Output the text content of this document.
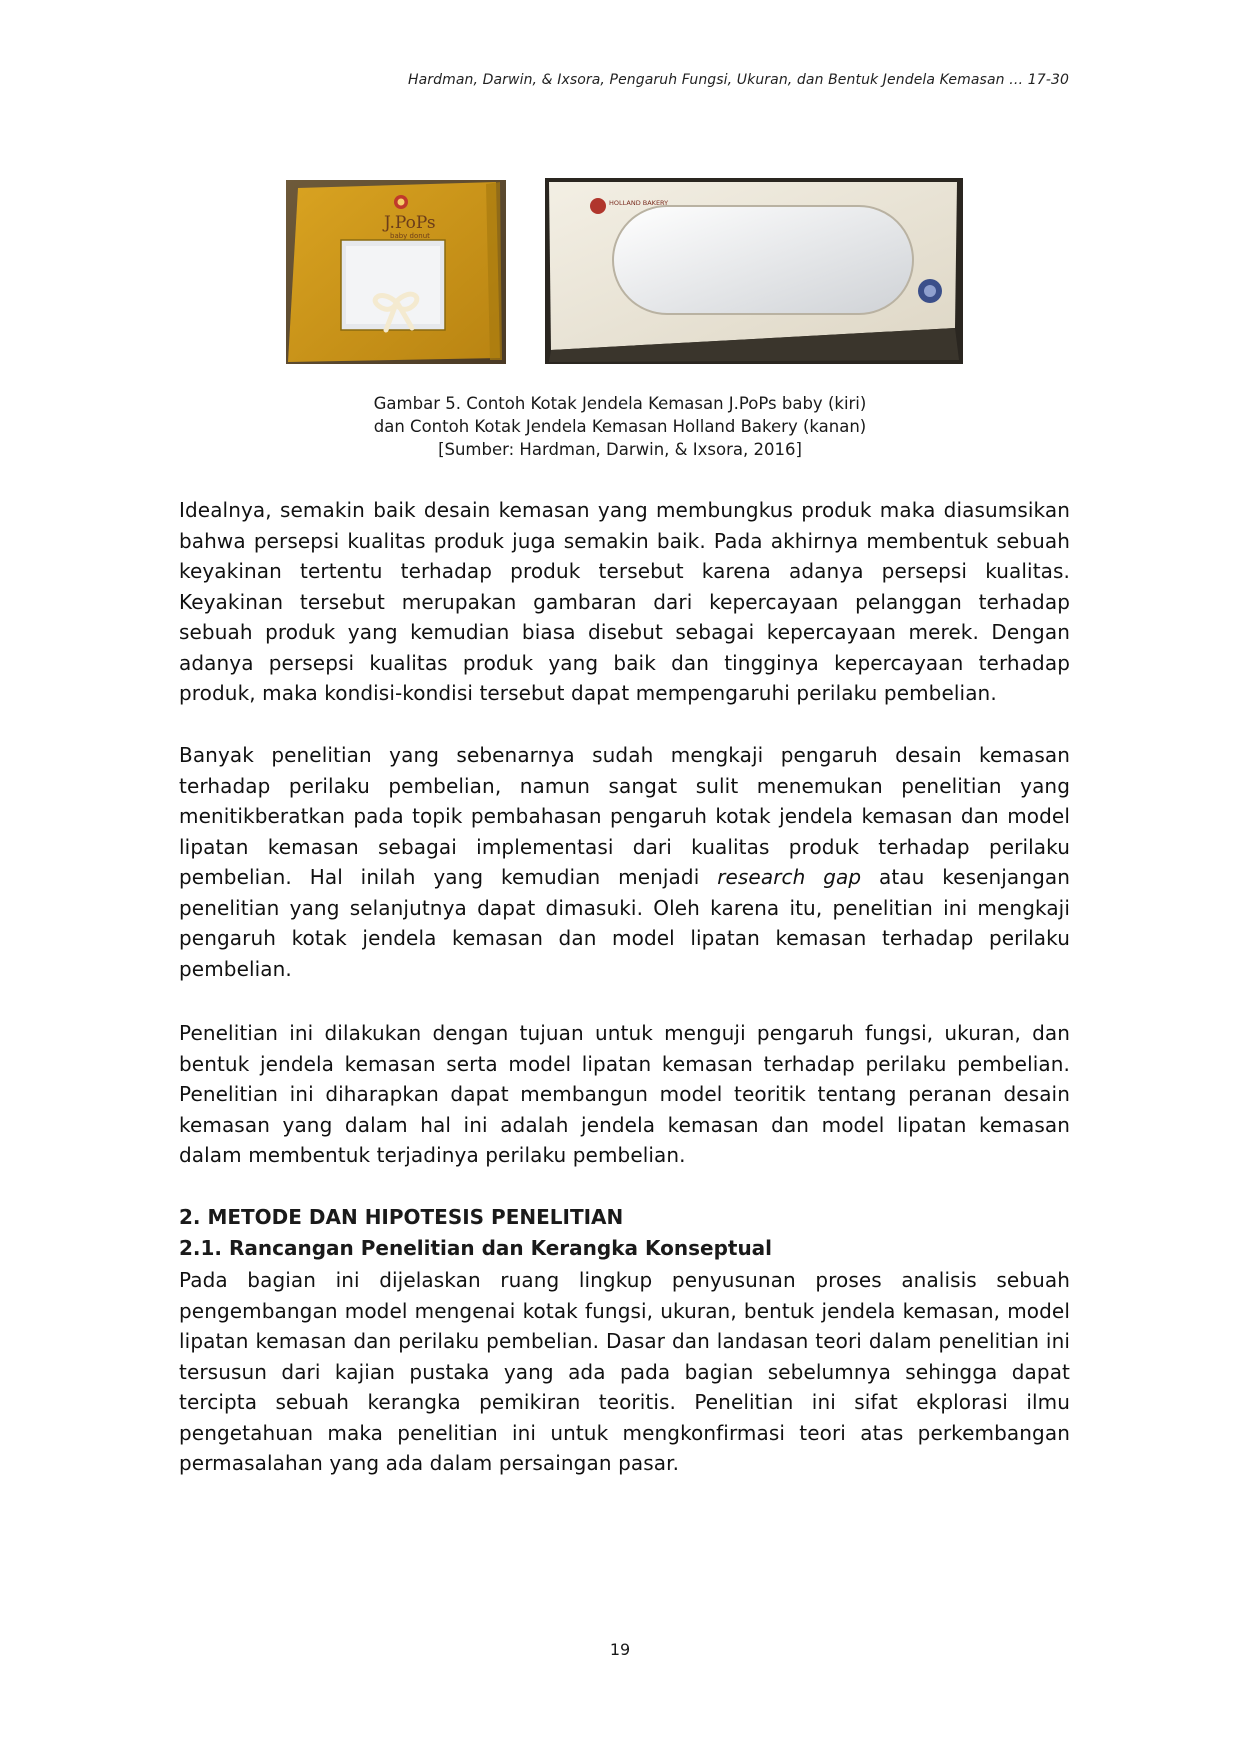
Hardman, Darwin, & Ixsora, Pengaruh Fungsi, Ukuran, dan Bentuk Jendela Kemasan … 17-30
J.PoPs
baby donut
HOLLAND BAKERY
Gambar 5. Contoh Kotak Jendela Kemasan J.PoPs baby (kiri)
dan Contoh Kotak Jendela Kemasan Holland Bakery (kanan)
[Sumber: Hardman, Darwin, & Ixsora, 2016]

Idealnya, semakin baik desain kemasan yang membungkus produk maka diasumsikan bahwa persepsi kualitas produk juga semakin baik. Pada akhirnya membentuk sebuah keyakinan tertentu terhadap produk tersebut karena adanya persepsi kualitas. Keyakinan tersebut merupakan gambaran dari kepercayaan pelanggan terhadap sebuah produk yang kemudian biasa disebut sebagai kepercayaan merek. Dengan adanya persepsi kualitas produk yang baik dan tingginya kepercayaan terhadap produk, maka kondisi-kondisi tersebut dapat mempengaruhi perilaku pembelian.

Banyak penelitian yang sebenarnya sudah mengkaji pengaruh desain kemasan terhadap perilaku pembelian, namun sangat sulit menemukan penelitian yang menitikberatkan pada topik pembahasan pengaruh kotak jendela kemasan dan model lipatan kemasan sebagai implementasi dari kualitas produk terhadap perilaku pembelian. Hal inilah yang kemudian menjadi research gap atau kesenjangan penelitian yang selanjutnya dapat dimasuki. Oleh karena itu, penelitian ini mengkaji pengaruh kotak jendela kemasan dan model lipatan kemasan terhadap perilaku pembelian.

Penelitian ini dilakukan dengan tujuan untuk menguji pengaruh fungsi, ukuran, dan bentuk jendela kemasan serta model lipatan kemasan terhadap perilaku pembelian. Penelitian ini diharapkan dapat membangun model teoritik tentang peranan desain kemasan yang dalam hal ini adalah jendela kemasan dan model lipatan kemasan dalam membentuk terjadinya perilaku pembelian.

2. METODE DAN HIPOTESIS PENELITIAN
2.1. Rancangan Penelitian dan Kerangka Konseptual

Pada bagian ini dijelaskan ruang lingkup penyusunan proses analisis sebuah pengembangan model mengenai kotak fungsi, ukuran, bentuk jendela kemasan, model lipatan kemasan dan perilaku pembelian. Dasar dan landasan teori dalam penelitian ini tersusun dari kajian pustaka yang ada pada bagian sebelumnya sehingga dapat tercipta sebuah kerangka pemikiran teoritis. Penelitian ini sifat ekplorasi ilmu pengetahuan maka penelitian ini untuk mengkonfirmasi teori atas perkembangan permasalahan yang ada dalam persaingan pasar.

19
